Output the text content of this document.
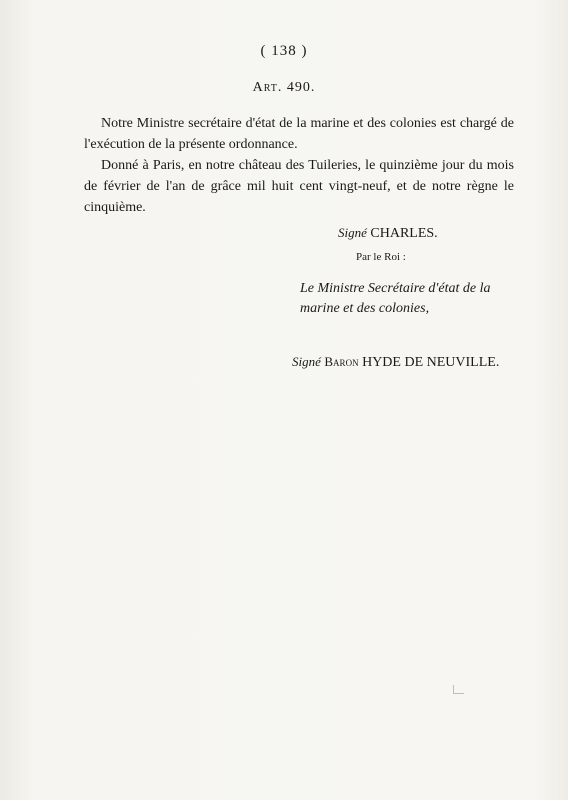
( 138 )
Art. 490.
Notre Ministre secrétaire d'état de la marine et des colonies est chargé de l'exécution de la présente ordonnance.
Donné à Paris, en notre château des Tuileries, le quinzième jour du mois de février de l'an de grâce mil huit cent vingt-neuf, et de notre règne le cinquième.
Signé CHARLES.
Par le Roi :
Le Ministre Secrétaire d'état de la
marine et des colonies,
Signé Baron HYDE DE NEUVILLE.
